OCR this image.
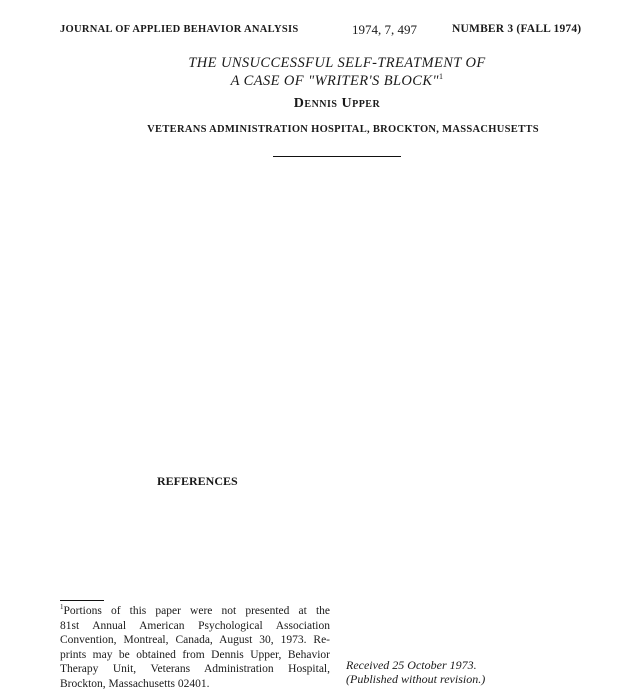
JOURNAL OF APPLIED BEHAVIOR ANALYSIS	1974, 7, 497	NUMBER 3 (FALL 1974)
THE UNSUCCESSFUL SELF-TREATMENT OF
A CASE OF "WRITER'S BLOCK"$^1$
Dennis Upper
VETERANS ADMINISTRATION HOSPITAL, BROCKTON, MASSACHUSETTS
REFERENCES
$^1$Portions of this paper were not presented at the
81st Annual American Psychological Association
Convention, Montreal, Canada, August 30, 1973. Re-
prints may be obtained from Dennis Upper, Behavior
Therapy Unit, Veterans Administration Hospital,
Brockton, Massachusetts 02401.
Received 25 October 1973.
(Published without revision.)
